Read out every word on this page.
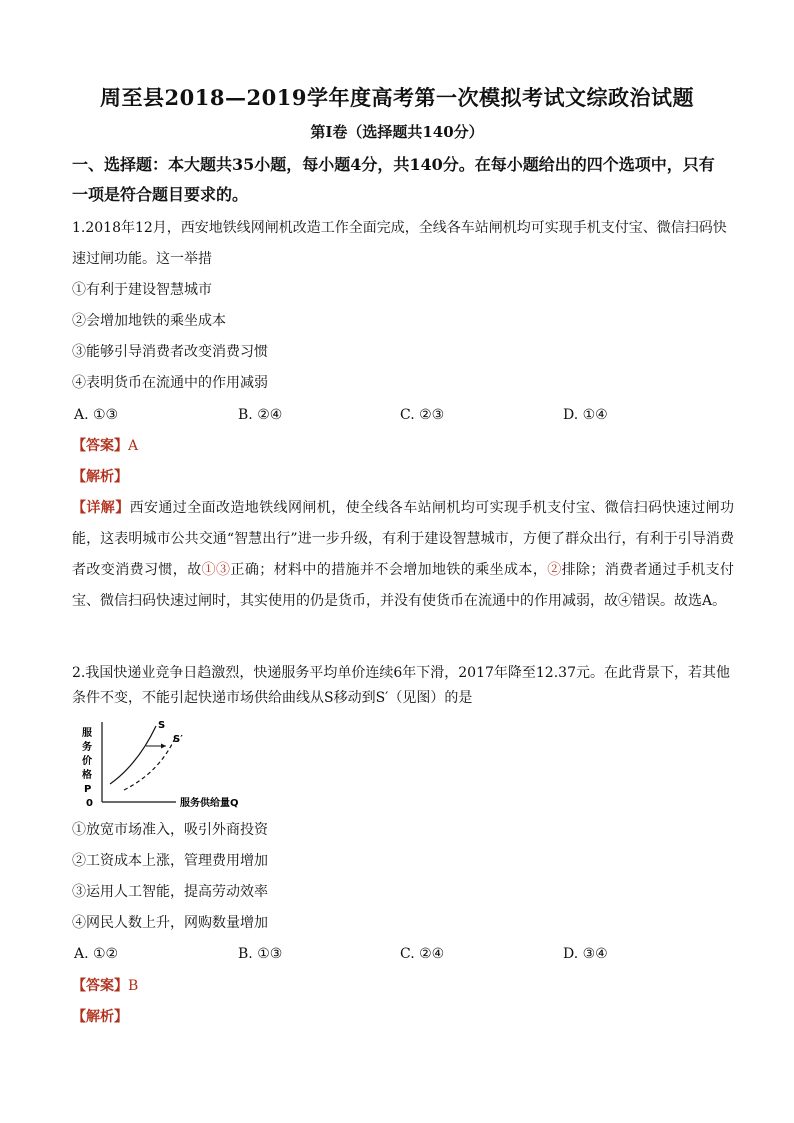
周至县2018—2019学年度高考第一次模拟考试文综政治试题
第Ⅰ卷（选择题共140分）
一、选择题：本大题共35小题，每小题4分，共140分。在每小题给出的四个选项中，只有
一项是符合题目要求的。
1.2018年12月，西安地铁线网闸机改造工作全面完成，全线各车站闸机均可实现手机支付宝、微信扫码快
速过闸功能。这一举措
①有利于建设智慧城市
②会增加地铁的乘坐成本
③能够引导消费者改变消费习惯
④表明货币在流通中的作用减弱
A. ①③	B. ②④	C. ②③	D. ①④
【答案】A
【解析】
【详解】西安通过全面改造地铁线网闸机，使全线各车站闸机均可实现手机支付宝、微信扫码快速过闸功能，这表明城市公共交通“智慧出行”进一步升级，有利于建设智慧城市，方便了群众出行，有利于引导消费者改变消费习惯，故①③正确；材料中的措施并不会增加地铁的乘坐成本，②排除；消费者通过手机支付宝、微信扫码快速过闸时，其实使用的仍是货币，并没有使货币在流通中的作用减弱，故④错误。故选A。
2.我国快递业竞争日趋激烈，快递服务平均单价连续6年下滑，2017年降至12.37元。在此背景下，若其他
条件不变，不能引起快递市场供给曲线从S移动到S′（见图）的是
服
务
价
格
P
0	服务供给量Q
S
S′
①放宽市场准入，吸引外商投资
②工资成本上涨，管理费用增加
③运用人工智能，提高劳动效率
④网民人数上升，网购数量增加
A. ①②	B. ①③	C. ②④	D. ③④
【答案】B
【解析】
